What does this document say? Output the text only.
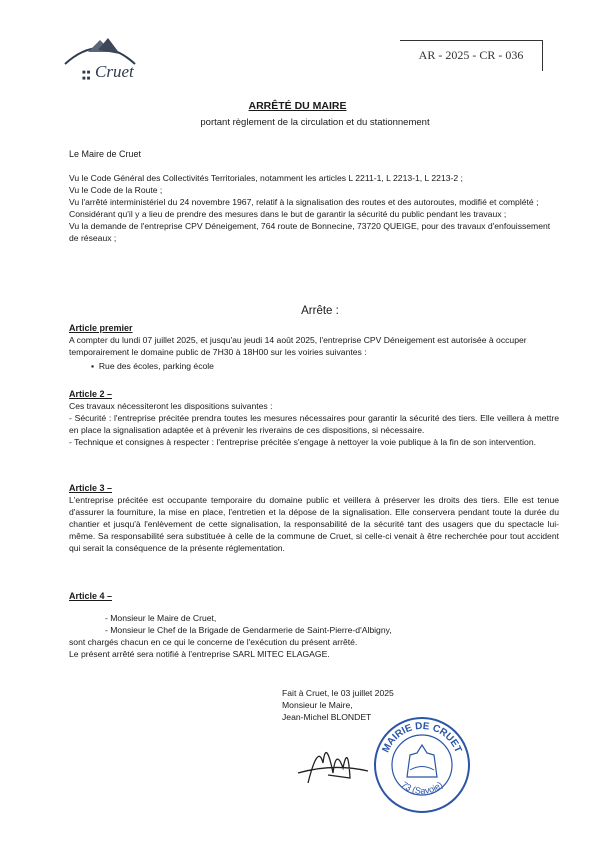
■■
■■ Cruet
AR - 2025 - CR - 036
ARRÊTÉ DU MAIRE
portant règlement de la circulation et du stationnement
Le Maire de Cruet
Vu le Code Général des Collectivités Territoriales, notamment les articles L 2211-1, L 2213-1, L 2213-2 ;
Vu le Code de la Route ;
Vu l'arrêté interministériel du 24 novembre 1967, relatif à la signalisation des routes et des autoroutes, modifié et complété ;
Considérant qu'il y a lieu de prendre des mesures dans le but de garantir la sécurité du public pendant les travaux ;
Vu la demande de l'entreprise CPV Déneigement, 764 route de Bonnecine, 73720 QUEIGE, pour des travaux d'enfouissement de réseaux ;
Arrête :
Article premier
A compter du lundi 07 juillet 2025, et jusqu'au jeudi 14 août 2025, l'entreprise CPV Déneigement est autorisée à occuper temporairement le domaine public de 7H30 à 18H00 sur les voiries suivantes :
▪  Rue des écoles, parking école
Article 2 –
Ces travaux nécessiteront les dispositions suivantes :
- Sécurité : l'entreprise précitée prendra toutes les mesures nécessaires pour garantir la sécurité des tiers. Elle veillera à mettre en place la signalisation adaptée et à prévenir les riverains de ces dispositions, si nécessaire.
- Technique et consignes à respecter : l'entreprise précitée s'engage à nettoyer la voie publique à la fin de son intervention.
Article 3 –
L'entreprise précitée est occupante temporaire du domaine public et veillera à préserver les droits des tiers. Elle est tenue d'assurer la fourniture, la mise en place, l'entretien et la dépose de la signalisation. Elle conservera pendant toute la durée du chantier et jusqu'à l'enlèvement de cette signalisation, la responsabilité de la sécurité tant des usagers que du spectacle lui-même. Sa responsabilité sera substituée à celle de la commune de Cruet, si celle-ci venait à être recherchée pour tout accident qui serait la conséquence de la présente réglementation.
Article 4 –
- Monsieur le Maire de Cruet,
- Monsieur le Chef de la Brigade de Gendarmerie de Saint-Pierre-d'Albigny,
sont chargés chacun en ce qui le concerne de l'exécution du présent arrêté.
Le présent arrêté sera notifié à l'entreprise SARL MITEC ELAGAGE.
Fait à Cruet, le 03 juillet 2025
Monsieur le Maire,
Jean-Michel BLONDET
MAIRIE DE CRUET
73 (Savoie)
